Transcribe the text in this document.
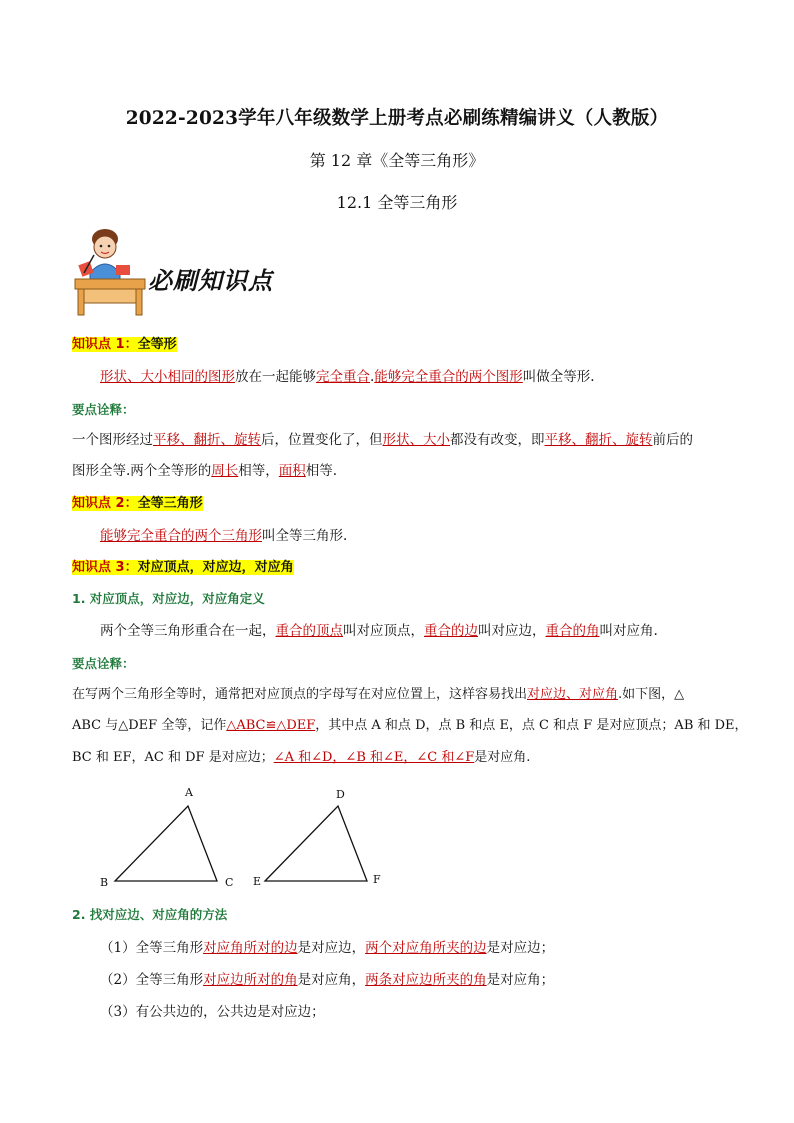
2022-2023学年八年级数学上册考点必刷练精编讲义（人教版）
第 12 章《全等三角形》
12.1 全等三角形
必刷知识点
知识点 1：全等形
形状、大小相同的图形放在一起能够完全重合.能够完全重合的两个图形叫做全等形.
要点诠释：
一个图形经过平移、翻折、旋转后，位置变化了，但形状、大小都没有改变，即平移、翻折、旋转前后的
图形全等.两个全等形的周长相等，面积相等.
知识点 2：全等三角形
能够完全重合的两个三角形叫全等三角形.
知识点 3：对应顶点，对应边，对应角
1. 对应顶点，对应边，对应角定义
两个全等三角形重合在一起，重合的顶点叫对应顶点，重合的边叫对应边，重合的角叫对应角.
要点诠释：
在写两个三角形全等时，通常把对应顶点的字母写在对应位置上，这样容易找出对应边、对应角.如下图，△
ABC 与△DEF 全等，记作△ABC≌△DEF，其中点 A 和点 D，点 B 和点 E，点 C 和点 F 是对应顶点；AB 和 DE，
BC 和 EF，AC 和 DF 是对应边；∠A 和∠D，∠B 和∠E，∠C 和∠F是对应角.
A
B	C
D
E	F
2. 找对应边、对应角的方法
（1）全等三角形对应角所对的边是对应边，两个对应角所夹的边是对应边；
（2）全等三角形对应边所对的角是对应角，两条对应边所夹的角是对应角；
（3）有公共边的，公共边是对应边；
